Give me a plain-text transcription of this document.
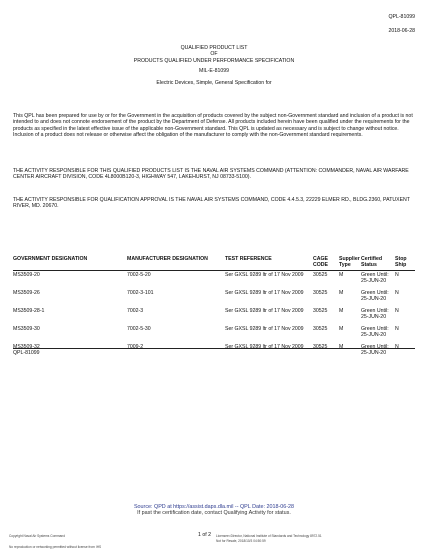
QPL-81099
2018-06-28
QUALIFIED PRODUCT LIST
OF
PRODUCTS QUALIFIED UNDER PERFORMANCE SPECIFICATION
MIL-E-81099
Electric Devices, Simple, General Specification for
This QPL has been prepared for use by or for the Government in the acquisition of products covered by the subject non-Government standard and inclusion of a product is not intended to and does not connote endorsement of the product by the Department of Defense. All products included herein have been qualified under the requirements for the products as specified in the latest effective issue of the applicable non-Government standard. This QPL is updated as necessary and is subject to change without notice. Inclusion of a product does not release or otherwise affect the obligation of the manufacturer to comply with the non-Government standard requirements.
THE ACTIVITY RESPONSIBLE FOR THIS QUALIFIED PRODUCTS LIST IS THE NAVAL AIR SYSTEMS COMMAND (ATTENTION: COMMANDER, NAVAL AIR WARFARE CENTER AIRCRAFT DIVISION, CODE 4L8000B120-3, HIGHWAY 547, LAKEHURST, NJ 08733-5100).
THE ACTIVITY RESPONSIBLE FOR QUALIFICATION APPROVAL IS THE NAVAL AIR SYSTEMS COMMAND, CODE 4.4.5.3, 22229 ELMER RD., BLDG.2360, PATUXENT RIVER, MD. 20670.
GOVERNMENT DESIGNATION	MANUFACTURER DESIGNATION	TEST REFERENCE	CAGE CODE	Supplier Type	Certified Status	Stop Ship
MS3509-20	7002-5-20	Ser GXSL 9289 ltr of 17 Nov 2009	30525	M	Green Until: 25-JUN-20	N
MS3509-26	7002-3-101	Ser GXSL 9289 ltr of 17 Nov 2009	30525	M	Green Until: 25-JUN-20	N
MS3509-28-1	7002-3	Ser GXSL 9289 ltr of 17 Nov 2009	30525	M	Green Until: 25-JUN-20	N
MS3509-30	7002-5-30	Ser GXSL 9289 ltr of 17 Nov 2009	30525	M	Green Until: 25-JUN-20	N
MS3509-32	7009-2	Ser GXSL 9289 ltr of 17 Nov 2009	30525	M	Green Until: 25-JUN-20	N
QPL-81099
Source: QPD at https://assist.daps.dla.mil -- QPL Date: 2018-06-28
If past the certification date, contact Qualifying Activity for status.
1 of 2
Copyright Naval Air Systems Command
No reproduction or networking permitted without license from IHS
Licensee=Director, National Institute of Standards and Technology 8972.51
Not for Resale, 2018/10/3 04:50:59
